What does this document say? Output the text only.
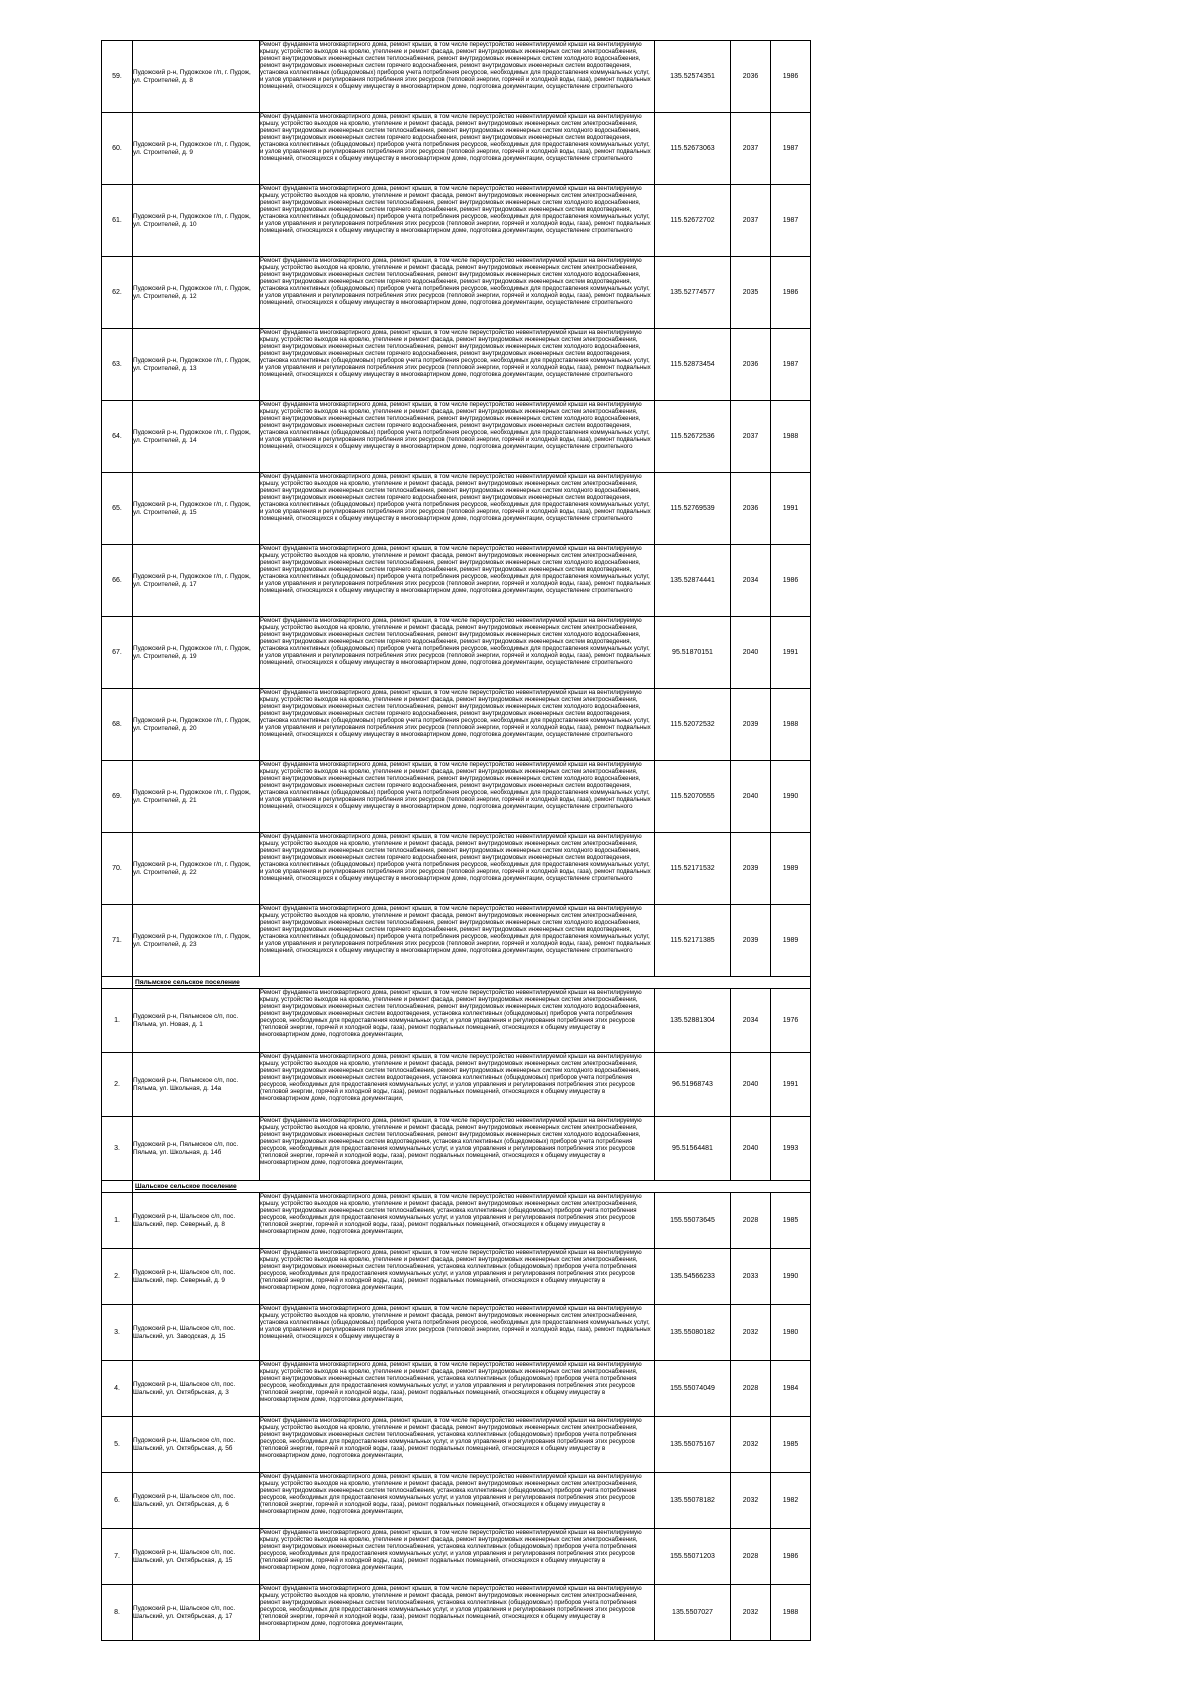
59.	Пудожский р-н, Пудожское г/п, г. Пудож, ул. Строителей, д. 8	Ремонт фундамента многоквартирного дома, ремонт крыши, в том числе переустройство невентилируемой крыши на вентилируемую крышу, устройство выходов на кровлю, утепление и ремонт фасада, ремонт внутридомовых инженерных систем электроснабжения, ремонт внутридомовых инженерных систем теплоснабжения, ремонт внутридомовых инженерных систем холодного водоснабжения, ремонт внутридомовых инженерных систем горячего водоснабжения, ремонт внутридомовых инженерных систем водоотведения, установка коллективных (общедомовых) приборов учета потребления ресурсов, необходимых для предоставления коммунальных услуг, и узлов управления и регулирования потребления этих ресурсов (тепловой энергии, горячей и холодной воды, газа), ремонт подвальных помещений, относящихся к общему имуществу в многоквартирном доме, подготовка документации, осуществление строительного	135.52574351	2036	1986
60.	Пудожский р-н, Пудожское г/п, г. Пудож, ул. Строителей, д. 9	Ремонт фундамента многоквартирного дома, ремонт крыши, в том числе переустройство невентилируемой крыши на вентилируемую крышу, устройство выходов на кровлю, утепление и ремонт фасада, ремонт внутридомовых инженерных систем электроснабжения, ремонт внутридомовых инженерных систем теплоснабжения, ремонт внутридомовых инженерных систем холодного водоснабжения, ремонт внутридомовых инженерных систем горячего водоснабжения, ремонт внутридомовых инженерных систем водоотведения, установка коллективных (общедомовых) приборов учета потребления ресурсов, необходимых для предоставления коммунальных услуг, и узлов управления и регулирования потребления этих ресурсов (тепловой энергии, горячей и холодной воды, газа), ремонт подвальных помещений, относящихся к общему имуществу в многоквартирном доме, подготовка документации, осуществление строительного	115.52673063	2037	1987
61.	Пудожский р-н, Пудожское г/п, г. Пудож, ул. Строителей, д. 10	Ремонт фундамента многоквартирного дома, ремонт крыши, в том числе переустройство невентилируемой крыши на вентилируемую крышу, устройство выходов на кровлю, утепление и ремонт фасада, ремонт внутридомовых инженерных систем электроснабжения, ремонт внутридомовых инженерных систем теплоснабжения, ремонт внутридомовых инженерных систем холодного водоснабжения, ремонт внутридомовых инженерных систем горячего водоснабжения, ремонт внутридомовых инженерных систем водоотведения, установка коллективных (общедомовых) приборов учета потребления ресурсов, необходимых для предоставления коммунальных услуг, и узлов управления и регулирования потребления этих ресурсов (тепловой энергии, горячей и холодной воды, газа), ремонт подвальных помещений, относящихся к общему имуществу в многоквартирном доме, подготовка документации, осуществление строительного	115.52672702	2037	1987
62.	Пудожский р-н, Пудожское г/п, г. Пудож, ул. Строителей, д. 12	Ремонт фундамента многоквартирного дома, ремонт крыши, в том числе переустройство невентилируемой крыши на вентилируемую крышу, устройство выходов на кровлю, утепление и ремонт фасада, ремонт внутридомовых инженерных систем электроснабжения, ремонт внутридомовых инженерных систем теплоснабжения, ремонт внутридомовых инженерных систем холодного водоснабжения, ремонт внутридомовых инженерных систем горячего водоснабжения, ремонт внутридомовых инженерных систем водоотведения, установка коллективных (общедомовых) приборов учета потребления ресурсов, необходимых для предоставления коммунальных услуг, и узлов управления и регулирования потребления этих ресурсов (тепловой энергии, горячей и холодной воды, газа), ремонт подвальных помещений, относящихся к общему имуществу в многоквартирном доме, подготовка документации, осуществление строительного	135.52774577	2035	1986
63.	Пудожский р-н, Пудожское г/п, г. Пудож, ул. Строителей, д. 13	Ремонт фундамента многоквартирного дома, ремонт крыши, в том числе переустройство невентилируемой крыши на вентилируемую крышу, устройство выходов на кровлю, утепление и ремонт фасада, ремонт внутридомовых инженерных систем электроснабжения, ремонт внутридомовых инженерных систем теплоснабжения, ремонт внутридомовых инженерных систем холодного водоснабжения, ремонт внутридомовых инженерных систем горячего водоснабжения, ремонт внутридомовых инженерных систем водоотведения, установка коллективных (общедомовых) приборов учета потребления ресурсов, необходимых для предоставления коммунальных услуг, и узлов управления и регулирования потребления этих ресурсов (тепловой энергии, горячей и холодной воды, газа), ремонт подвальных помещений, относящихся к общему имуществу в многоквартирном доме, подготовка документации, осуществление строительного	115.52873454	2036	1987
64.	Пудожский р-н, Пудожское г/п, г. Пудож, ул. Строителей, д. 14	Ремонт фундамента многоквартирного дома, ремонт крыши, в том числе переустройство невентилируемой крыши на вентилируемую крышу, устройство выходов на кровлю, утепление и ремонт фасада, ремонт внутридомовых инженерных систем электроснабжения, ремонт внутридомовых инженерных систем теплоснабжения, ремонт внутридомовых инженерных систем холодного водоснабжения, ремонт внутридомовых инженерных систем горячего водоснабжения, ремонт внутридомовых инженерных систем водоотведения, установка коллективных (общедомовых) приборов учета потребления ресурсов, необходимых для предоставления коммунальных услуг, и узлов управления и регулирования потребления этих ресурсов (тепловой энергии, горячей и холодной воды, газа), ремонт подвальных помещений, относящихся к общему имуществу в многоквартирном доме, подготовка документации, осуществление строительного	115.52672536	2037	1988
65.	Пудожский р-н, Пудожское г/п, г. Пудож, ул. Строителей, д. 15	Ремонт фундамента многоквартирного дома, ремонт крыши, в том числе переустройство невентилируемой крыши на вентилируемую крышу, устройство выходов на кровлю, утепление и ремонт фасада, ремонт внутридомовых инженерных систем электроснабжения, ремонт внутридомовых инженерных систем теплоснабжения, ремонт внутридомовых инженерных систем холодного водоснабжения, ремонт внутридомовых инженерных систем горячего водоснабжения, ремонт внутридомовых инженерных систем водоотведения, установка коллективных (общедомовых) приборов учета потребления ресурсов, необходимых для предоставления коммунальных услуг, и узлов управления и регулирования потребления этих ресурсов (тепловой энергии, горячей и холодной воды, газа), ремонт подвальных помещений, относящихся к общему имуществу в многоквартирном доме, подготовка документации, осуществление строительного	115.52769539	2036	1991
66.	Пудожский р-н, Пудожское г/п, г. Пудож, ул. Строителей, д. 17	Ремонт фундамента многоквартирного дома, ремонт крыши, в том числе переустройство невентилируемой крыши на вентилируемую крышу, устройство выходов на кровлю, утепление и ремонт фасада, ремонт внутридомовых инженерных систем электроснабжения, ремонт внутридомовых инженерных систем теплоснабжения, ремонт внутридомовых инженерных систем холодного водоснабжения, ремонт внутридомовых инженерных систем горячего водоснабжения, ремонт внутридомовых инженерных систем водоотведения, установка коллективных (общедомовых) приборов учета потребления ресурсов, необходимых для предоставления коммунальных услуг, и узлов управления и регулирования потребления этих ресурсов (тепловой энергии, горячей и холодной воды, газа), ремонт подвальных помещений, относящихся к общему имуществу в многоквартирном доме, подготовка документации, осуществление строительного	135.52874441	2034	1986
67.	Пудожский р-н, Пудожское г/п, г. Пудож, ул. Строителей, д. 19	Ремонт фундамента многоквартирного дома, ремонт крыши, в том числе переустройство невентилируемой крыши на вентилируемую крышу, устройство выходов на кровлю, утепление и ремонт фасада, ремонт внутридомовых инженерных систем электроснабжения, ремонт внутридомовых инженерных систем теплоснабжения, ремонт внутридомовых инженерных систем холодного водоснабжения, ремонт внутридомовых инженерных систем горячего водоснабжения, ремонт внутридомовых инженерных систем водоотведения, установка коллективных (общедомовых) приборов учета потребления ресурсов, необходимых для предоставления коммунальных услуг, и узлов управления и регулирования потребления этих ресурсов (тепловой энергии, горячей и холодной воды, газа), ремонт подвальных помещений, относящихся к общему имуществу в многоквартирном доме, подготовка документации, осуществление строительного	95.51870151	2040	1991
68.	Пудожский р-н, Пудожское г/п, г. Пудож, ул. Строителей, д. 20	Ремонт фундамента многоквартирного дома, ремонт крыши, в том числе переустройство невентилируемой крыши на вентилируемую крышу, устройство выходов на кровлю, утепление и ремонт фасада, ремонт внутридомовых инженерных систем электроснабжения, ремонт внутридомовых инженерных систем теплоснабжения, ремонт внутридомовых инженерных систем холодного водоснабжения, ремонт внутридомовых инженерных систем горячего водоснабжения, ремонт внутридомовых инженерных систем водоотведения, установка коллективных (общедомовых) приборов учета потребления ресурсов, необходимых для предоставления коммунальных услуг, и узлов управления и регулирования потребления этих ресурсов (тепловой энергии, горячей и холодной воды, газа), ремонт подвальных помещений, относящихся к общему имуществу в многоквартирном доме, подготовка документации, осуществление строительного	115.52072532	2039	1988
69.	Пудожский р-н, Пудожское г/п, г. Пудож, ул. Строителей, д. 21	Ремонт фундамента многоквартирного дома, ремонт крыши, в том числе переустройство невентилируемой крыши на вентилируемую крышу, устройство выходов на кровлю, утепление и ремонт фасада, ремонт внутридомовых инженерных систем электроснабжения, ремонт внутридомовых инженерных систем теплоснабжения, ремонт внутридомовых инженерных систем холодного водоснабжения, ремонт внутридомовых инженерных систем горячего водоснабжения, ремонт внутридомовых инженерных систем водоотведения, установка коллективных (общедомовых) приборов учета потребления ресурсов, необходимых для предоставления коммунальных услуг, и узлов управления и регулирования потребления этих ресурсов (тепловой энергии, горячей и холодной воды, газа), ремонт подвальных помещений, относящихся к общему имуществу в многоквартирном доме, подготовка документации, осуществление строительного	115.52070555	2040	1990
70.	Пудожский р-н, Пудожское г/п, г. Пудож, ул. Строителей, д. 22	Ремонт фундамента многоквартирного дома, ремонт крыши, в том числе переустройство невентилируемой крыши на вентилируемую крышу, устройство выходов на кровлю, утепление и ремонт фасада, ремонт внутридомовых инженерных систем электроснабжения, ремонт внутридомовых инженерных систем теплоснабжения, ремонт внутридомовых инженерных систем холодного водоснабжения, ремонт внутридомовых инженерных систем горячего водоснабжения, ремонт внутридомовых инженерных систем водоотведения, установка коллективных (общедомовых) приборов учета потребления ресурсов, необходимых для предоставления коммунальных услуг, и узлов управления и регулирования потребления этих ресурсов (тепловой энергии, горячей и холодной воды, газа), ремонт подвальных помещений, относящихся к общему имуществу в многоквартирном доме, подготовка документации, осуществление строительного	115.52171532	2039	1989
71.	Пудожский р-н, Пудожское г/п, г. Пудож, ул. Строителей, д. 23	Ремонт фундамента многоквартирного дома, ремонт крыши, в том числе переустройство невентилируемой крыши на вентилируемую крышу, устройство выходов на кровлю, утепление и ремонт фасада, ремонт внутридомовых инженерных систем электроснабжения, ремонт внутридомовых инженерных систем теплоснабжения, ремонт внутридомовых инженерных систем холодного водоснабжения, ремонт внутридомовых инженерных систем горячего водоснабжения, ремонт внутридомовых инженерных систем водоотведения, установка коллективных (общедомовых) приборов учета потребления ресурсов, необходимых для предоставления коммунальных услуг, и узлов управления и регулирования потребления этих ресурсов (тепловой энергии, горячей и холодной воды, газа), ремонт подвальных помещений, относящихся к общему имуществу в многоквартирном доме, подготовка документации, осуществление строительного	115.52171385	2039	1989
	Пяльмское сельское поселение				
1.	Пудожский р-н, Пяльмское с/п, пос. Пяльма, ул. Новая, д. 1	Ремонт фундамента многоквартирного дома, ремонт крыши, в том числе переустройство невентилируемой крыши на вентилируемую крышу, устройство выходов на кровлю, утепление и ремонт фасада, ремонт внутридомовых инженерных систем электроснабжения, ремонт внутридомовых инженерных систем теплоснабжения, ремонт внутридомовых инженерных систем холодного водоснабжения, ремонт внутридомовых инженерных систем водоотведения, установка коллективных (общедомовых) приборов учета потребления ресурсов, необходимых для предоставления коммунальных услуг, и узлов управления и регулирования потребления этих ресурсов (тепловой энергии, горячей и холодной воды, газа), ремонт подвальных помещений, относящихся к общему имуществу в многоквартирном доме, подготовка документации,	135.52881304	2034	1976
2.	Пудожский р-н, Пяльмское с/п, пос. Пяльма, ул. Школьная, д. 14а	Ремонт фундамента многоквартирного дома, ремонт крыши, в том числе переустройство невентилируемой крыши на вентилируемую крышу, устройство выходов на кровлю, утепление и ремонт фасада, ремонт внутридомовых инженерных систем электроснабжения, ремонт внутридомовых инженерных систем теплоснабжения, ремонт внутридомовых инженерных систем холодного водоснабжения, ремонт внутридомовых инженерных систем водоотведения, установка коллективных (общедомовых) приборов учета потребления ресурсов, необходимых для предоставления коммунальных услуг, и узлов управления и регулирования потребления этих ресурсов (тепловой энергии, горячей и холодной воды, газа), ремонт подвальных помещений, относящихся к общему имуществу в многоквартирном доме, подготовка документации,	96.51968743	2040	1991
3.	Пудожский р-н, Пяльмское с/п, пос. Пяльма, ул. Школьная, д. 14б	Ремонт фундамента многоквартирного дома, ремонт крыши, в том числе переустройство невентилируемой крыши на вентилируемую крышу, устройство выходов на кровлю, утепление и ремонт фасада, ремонт внутридомовых инженерных систем электроснабжения, ремонт внутридомовых инженерных систем теплоснабжения, ремонт внутридомовых инженерных систем холодного водоснабжения, ремонт внутридомовых инженерных систем водоотведения, установка коллективных (общедомовых) приборов учета потребления ресурсов, необходимых для предоставления коммунальных услуг, и узлов управления и регулирования потребления этих ресурсов (тепловой энергии, горячей и холодной воды, газа), ремонт подвальных помещений, относящихся к общему имуществу в многоквартирном доме, подготовка документации,	95.51564481	2040	1993
	Шальское сельское поселение				
1.	Пудожский р-н, Шальское с/п, пос. Шальский, пер. Северный, д. 8	Ремонт фундамента многоквартирного дома, ремонт крыши, в том числе переустройство невентилируемой крыши на вентилируемую крышу, устройство выходов на кровлю, утепление и ремонт фасада, ремонт внутридомовых инженерных систем электроснабжения, ремонт внутридомовых инженерных систем теплоснабжения, установка коллективных (общедомовых) приборов учета потребления ресурсов, необходимых для предоставления коммунальных услуг, и узлов управления и регулирования потребления этих ресурсов (тепловой энергии, горячей и холодной воды, газа), ремонт подвальных помещений, относящихся к общему имуществу в многоквартирном доме, подготовка документации,	155.55073645	2028	1985
2.	Пудожский р-н, Шальское с/п, пос. Шальский, пер. Северный, д. 9	Ремонт фундамента многоквартирного дома, ремонт крыши, в том числе переустройство невентилируемой крыши на вентилируемую крышу, устройство выходов на кровлю, утепление и ремонт фасада, ремонт внутридомовых инженерных систем электроснабжения, ремонт внутридомовых инженерных систем теплоснабжения, установка коллективных (общедомовых) приборов учета потребления ресурсов, необходимых для предоставления коммунальных услуг, и узлов управления и регулирования потребления этих ресурсов (тепловой энергии, горячей и холодной воды, газа), ремонт подвальных помещений, относящихся к общему имуществу в многоквартирном доме, подготовка документации,	135.54566233	2033	1990
3.	Пудожский р-н, Шальское с/п, пос. Шальский, ул. Заводская, д. 15	Ремонт фундамента многоквартирного дома, ремонт крыши, в том числе переустройство невентилируемой крыши на вентилируемую крышу, устройство выходов на кровлю, утепление и ремонт фасада, ремонт внутридомовых инженерных систем электроснабжения, установка коллективных (общедомовых) приборов учета потребления ресурсов, необходимых для предоставления коммунальных услуг, и узлов управления и регулирования потребления этих ресурсов (тепловой энергии, горячей и холодной воды, газа), ремонт подвальных помещений, относящихся к общему имуществу в	135.55080182	2032	1980
4.	Пудожский р-н, Шальское с/п, пос. Шальский, ул. Октябрьская, д. 3	Ремонт фундамента многоквартирного дома, ремонт крыши, в том числе переустройство невентилируемой крыши на вентилируемую крышу, устройство выходов на кровлю, утепление и ремонт фасада, ремонт внутридомовых инженерных систем электроснабжения, ремонт внутридомовых инженерных систем теплоснабжения, установка коллективных (общедомовых) приборов учета потребления ресурсов, необходимых для предоставления коммунальных услуг, и узлов управления и регулирования потребления этих ресурсов (тепловой энергии, горячей и холодной воды, газа), ремонт подвальных помещений, относящихся к общему имуществу в многоквартирном доме, подготовка документации,	155.55074049	2028	1984
5.	Пудожский р-н, Шальское с/п, пос. Шальский, ул. Октябрьская, д. 5б	Ремонт фундамента многоквартирного дома, ремонт крыши, в том числе переустройство невентилируемой крыши на вентилируемую крышу, устройство выходов на кровлю, утепление и ремонт фасада, ремонт внутридомовых инженерных систем электроснабжения, ремонт внутридомовых инженерных систем теплоснабжения, установка коллективных (общедомовых) приборов учета потребления ресурсов, необходимых для предоставления коммунальных услуг, и узлов управления и регулирования потребления этих ресурсов (тепловой энергии, горячей и холодной воды, газа), ремонт подвальных помещений, относящихся к общему имуществу в многоквартирном доме, подготовка документации,	135.55075167	2032	1985
6.	Пудожский р-н, Шальское с/п, пос. Шальский, ул. Октябрьская, д. 6	Ремонт фундамента многоквартирного дома, ремонт крыши, в том числе переустройство невентилируемой крыши на вентилируемую крышу, устройство выходов на кровлю, утепление и ремонт фасада, ремонт внутридомовых инженерных систем электроснабжения, ремонт внутридомовых инженерных систем теплоснабжения, установка коллективных (общедомовых) приборов учета потребления ресурсов, необходимых для предоставления коммунальных услуг, и узлов управления и регулирования потребления этих ресурсов (тепловой энергии, горячей и холодной воды, газа), ремонт подвальных помещений, относящихся к общему имуществу в многоквартирном доме, подготовка документации,	135.55078182	2032	1982
7.	Пудожский р-н, Шальское с/п, пос. Шальский, ул. Октябрьская, д. 15	Ремонт фундамента многоквартирного дома, ремонт крыши, в том числе переустройство невентилируемой крыши на вентилируемую крышу, устройство выходов на кровлю, утепление и ремонт фасада, ремонт внутридомовых инженерных систем электроснабжения, ремонт внутридомовых инженерных систем теплоснабжения, установка коллективных (общедомовых) приборов учета потребления ресурсов, необходимых для предоставления коммунальных услуг, и узлов управления и регулирования потребления этих ресурсов (тепловой энергии, горячей и холодной воды, газа), ремонт подвальных помещений, относящихся к общему имуществу в многоквартирном доме, подготовка документации,	155.55071203	2028	1986
8.	Пудожский р-н, Шальское с/п, пос. Шальский, ул. Октябрьская, д. 17	Ремонт фундамента многоквартирного дома, ремонт крыши, в том числе переустройство невентилируемой крыши на вентилируемую крышу, устройство выходов на кровлю, утепление и ремонт фасада, ремонт внутридомовых инженерных систем электроснабжения, ремонт внутридомовых инженерных систем теплоснабжения, установка коллективных (общедомовых) приборов учета потребления ресурсов, необходимых для предоставления коммунальных услуг, и узлов управления и регулирования потребления этих ресурсов (тепловой энергии, горячей и холодной воды, газа), ремонт подвальных помещений, относящихся к общему имуществу в многоквартирном доме, подготовка документации,	135.5507027	2032	1988
